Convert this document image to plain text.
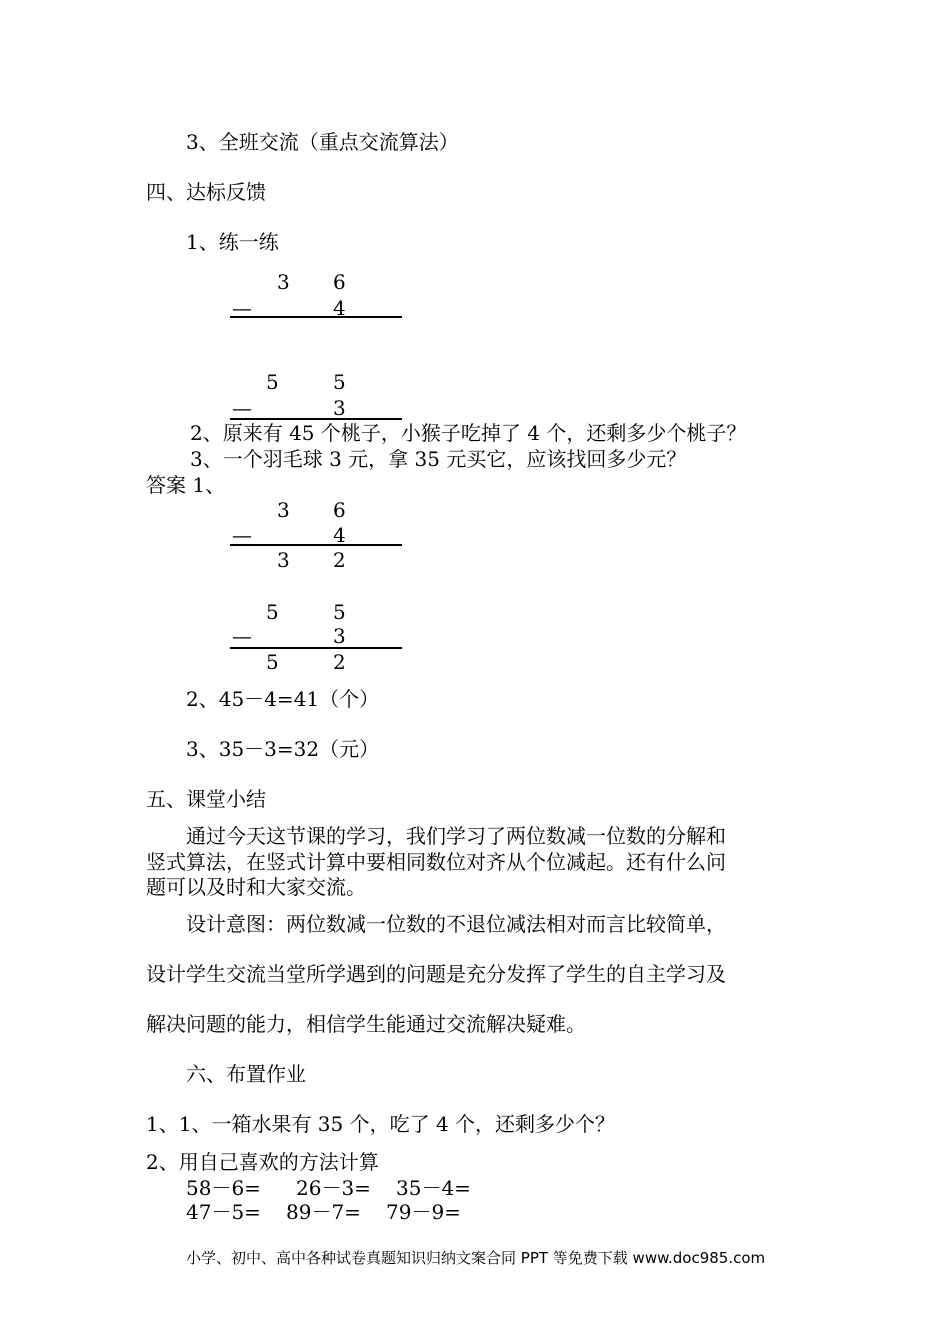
3、全班交流（重点交流算法）
四、达标反馈
1、练一练
3 6
—	4
5	5
—	3
2、原来有 45 个桃子，小猴子吃掉了 4 个，还剩多少个桃子？
3、一个羽毛球 3 元，拿 35 元买它，应该找回多少元？
答案 1、
3 6
—	4
3 2
5	5
—	3
5	2
2、45－4=41（个）
3、35－3=32（元）
五、课堂小结
通过今天这节课的学习，我们学习了两位数减一位数的分解和
竖式算法，在竖式计算中要相同数位对齐从个位减起。还有什么问
题可以及时和大家交流。
设计意图：两位数减一位数的不退位减法相对而言比较简单，
设计学生交流当堂所学遇到的问题是充分发挥了学生的自主学习及
解决问题的能力，相信学生能通过交流解决疑难。
六、布置作业
1、1、一箱水果有 35 个，吃了 4 个，还剩多少个？
2、用自己喜欢的方法计算
58－6= 26－3= 35－4=
47－5= 89－7= 79－9=
小学、初中、高中各种试卷真题知识归纳文案合同 PPT 等免费下载 www.doc985.com
